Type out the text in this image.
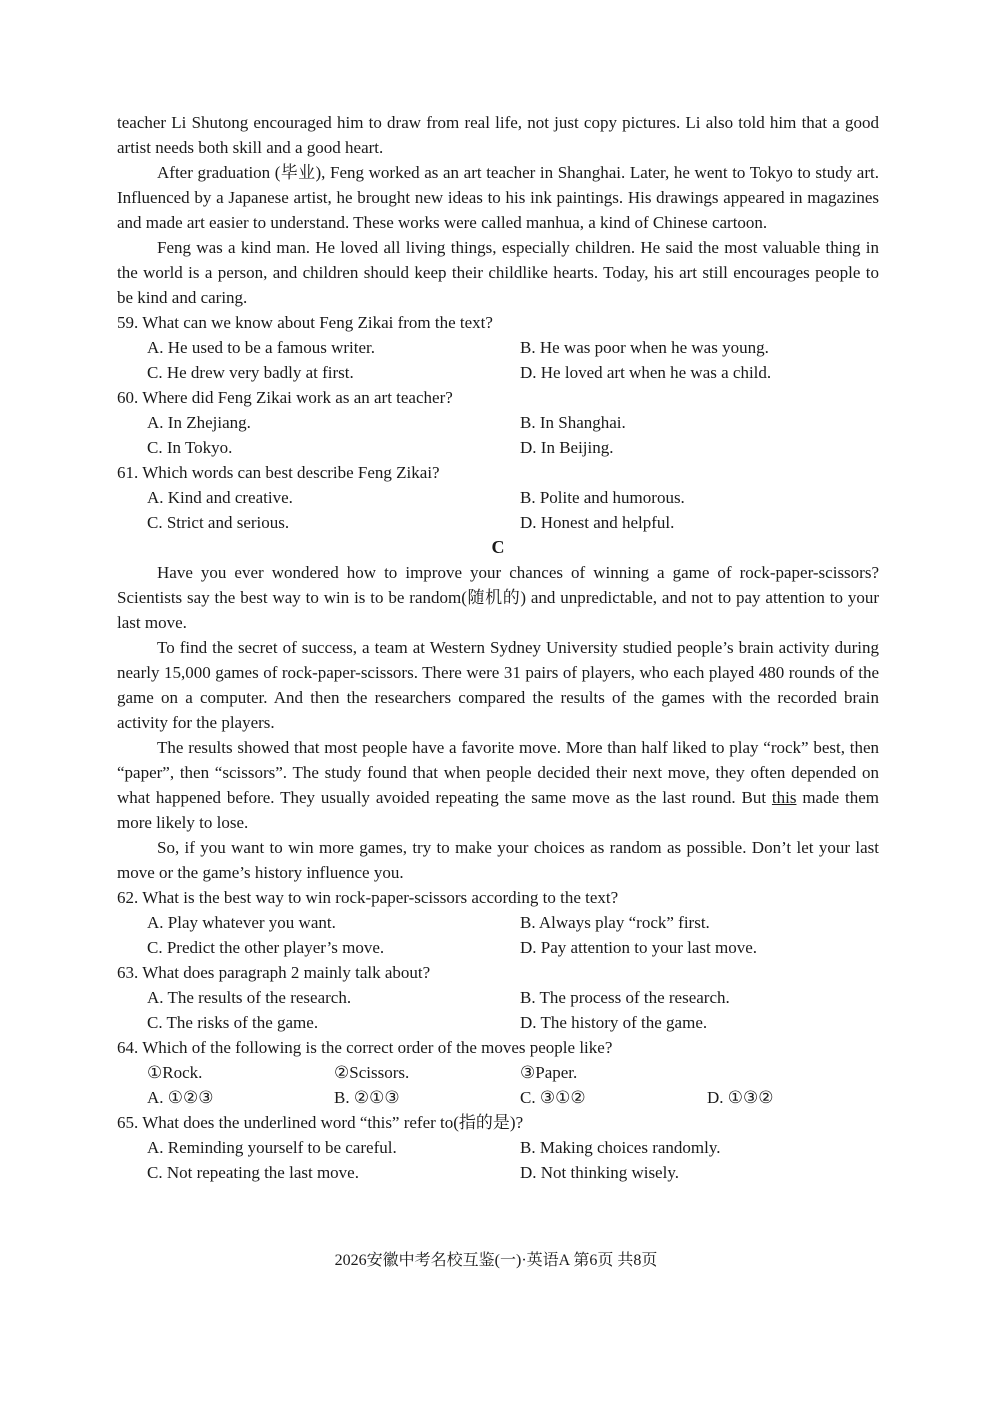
teacher Li Shutong encouraged him to draw from real life, not just copy pictures. Li also told him that a good artist needs both skill and a good heart.

After graduation (毕业), Feng worked as an art teacher in Shanghai. Later, he went to Tokyo to study art. Influenced by a Japanese artist, he brought new ideas to his ink paintings. His drawings appeared in magazines and made art easier to understand. These works were called manhua, a kind of Chinese cartoon.

Feng was a kind man. He loved all living things, especially children. He said the most valuable thing in the world is a person, and children should keep their childlike hearts. Today, his art still encourages people to be kind and caring.

59. What can we know about Feng Zikai from the text?

A. He used to be a famous writer.	B. He was poor when he was young.
C. He drew very badly at first.	D. He loved art when he was a child.

60. Where did Feng Zikai work as an art teacher?

A. In Zhejiang.	B. In Shanghai.
C. In Tokyo.	D. In Beijing.

61. Which words can best describe Feng Zikai?

A. Kind and creative.	B. Polite and humorous.
C. Strict and serious.	D. Honest and helpful.

C

Have you ever wondered how to improve your chances of winning a game of rock-paper-scissors? Scientists say the best way to win is to be random(随机的) and unpredictable, and not to pay attention to your last move.

To find the secret of success, a team at Western Sydney University studied people’s brain activity during nearly 15,000 games of rock-paper-scissors. There were 31 pairs of players, who each played 480 rounds of the game on a computer. And then the researchers compared the results of the games with the recorded brain activity for the players.

The results showed that most people have a favorite move. More than half liked to play “rock” best, then “paper”, then “scissors”. The study found that when people decided their next move, they often depended on what happened before. They usually avoided repeating the same move as the last round. But this made them more likely to lose.

So, if you want to win more games, try to make your choices as random as possible. Don’t let your last move or the game’s history influence you.

62. What is the best way to win rock-paper-scissors according to the text?

A. Play whatever you want.	B. Always play “rock” first.
C. Predict the other player’s move.	D. Pay attention to your last move.

63. What does paragraph 2 mainly talk about?

A. The results of the research.	B. The process of the research.
C. The risks of the game.	D. The history of the game.

64. Which of the following is the correct order of the moves people like?

①Rock.	②Scissors.	③Paper.
A. ①②③	B. ②①③	C. ③①②	D. ①③②

65. What does the underlined word “this” refer to(指的是)?

A. Reminding yourself to be careful.	B. Making choices randomly.
C. Not repeating the last move.	D. Not thinking wisely.
2026安徽中考名校互鉴(一)·英语A 第6页 共8页
